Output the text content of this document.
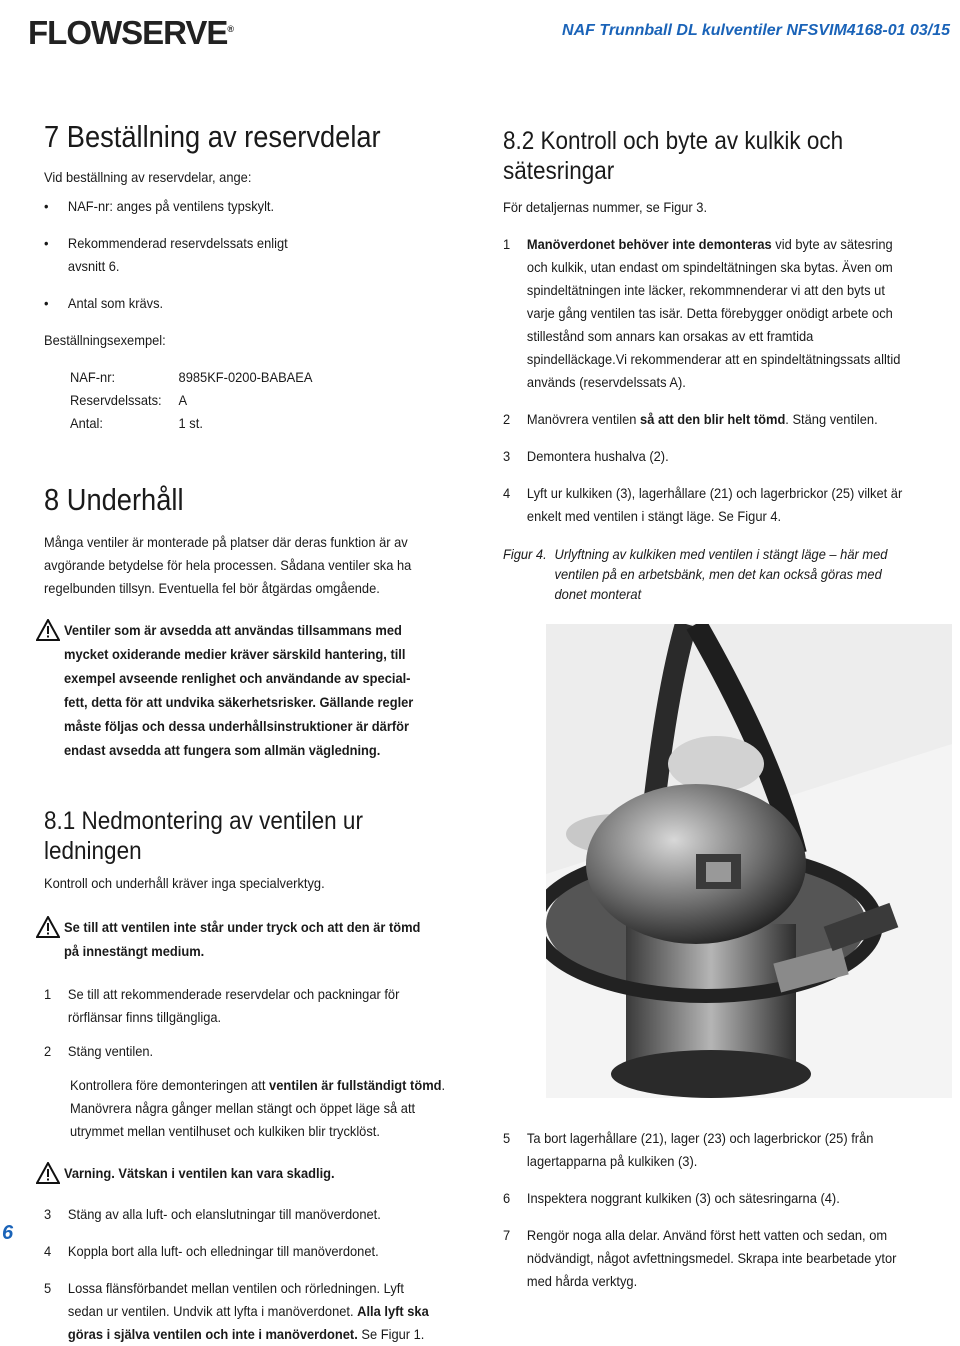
FLOWSERVE®	NAF Trunnball DL kulventiler NFSVIM4168-01 03/15
7 Beställning av reservdelar

Vid beställning av reservdelar, ange:

• NAF-nr: anges på ventilens typskylt.
• Rekommenderad reservdelssats enligt avsnitt 6.
• Antal som krävs.

Beställningsexempel:

NAF-nr:	8985KF-0200-BABAEA
Reservdelssats:	A
Antal:	1 st.
8 Underhåll

Många ventiler är monterade på platser där deras funktion är av avgörande betydelse för hela processen. Sådana ventiler ska ha regelbunden tillsyn. Eventuella fel bör åtgärdas omgående.

Ventiler som är avsedda att användas tillsammans med mycket oxiderande medier kräver särskild hantering, till exempel avseende renlighet och användande av special-fett, detta för att undvika säkerhetsrisker. Gällande regler måste följas och dessa underhållsinstruktioner är därför endast avsedda att fungera som allmän vägledning.
8.1 Nedmontering av ventilen ur ledningen

Kontroll och underhåll kräver inga specialverktyg.

Se till att ventilen inte står under tryck och att den är tömd på innestängt medium.
1	Se till att rekommenderade reservdelar och packningar för rörflänsar finns tillgängliga.
2	Stäng ventilen.

Kontrollera före demonteringen att ventilen är fullständigt tömd. Manövrera några gånger mellan stängt och öppet läge så att utrymmet mellan ventilhuset och kulkiken blir trycklöst.

Varning. Vätskan i ventilen kan vara skadlig.
3	Stäng av alla luft- och elanslutningar till manöverdonet.
4	Koppla bort alla luft- och elledningar till manöverdonet.
5	Lossa flänsförbandet mellan ventilen och rörledningen. Lyft sedan ur ventilen. Undvik att lyfta i manöverdonet. Alla lyft ska göras i själva ventilen och inte i manöverdonet. Se Figur 1.
8.2 Kontroll och byte av kulkik och sätesringar

För detaljernas nummer, se Figur 3.

1	Manöverdonet behöver inte demonteras vid byte av sätesring och kulkik, utan endast om spindeltätningen ska bytas. Även om spindeltätningen inte läcker, rekommnenderar vi att den byts ut varje gång ventilen tas isär. Detta förebygger onödigt arbete och stillestånd som annars kan orsakas av ett framtida spindelläckage.Vi rekommenderar att en spindeltätningssats alltid används (reservdelssats A).
2	Manövrera ventilen så att den blir helt tömd. Stäng ventilen.
3	Demontera hushalva (2).
4	Lyft ur kulkiken (3), lagerhållare (21) och lagerbrickor (25) vilket är enkelt med ventilen i stängt läge. Se Figur 4.
Figur 4. Urlyftning av kulkiken med ventilen i stängt läge – här med ventilen på en arbetsbänk, men det kan också göras med donet monterat
5	Ta bort lagerhållare (21), lager (23) och lagerbrickor (25) från lagertapparna på kulkiken (3).
6	Inspektera noggrant kulkiken (3) och sätesringarna (4).
7	Rengör noga alla delar. Använd först hett vatten och sedan, om nödvändigt, något avfettningsmedel. Skrapa inte bearbetade ytor med hårda verktyg.
6
